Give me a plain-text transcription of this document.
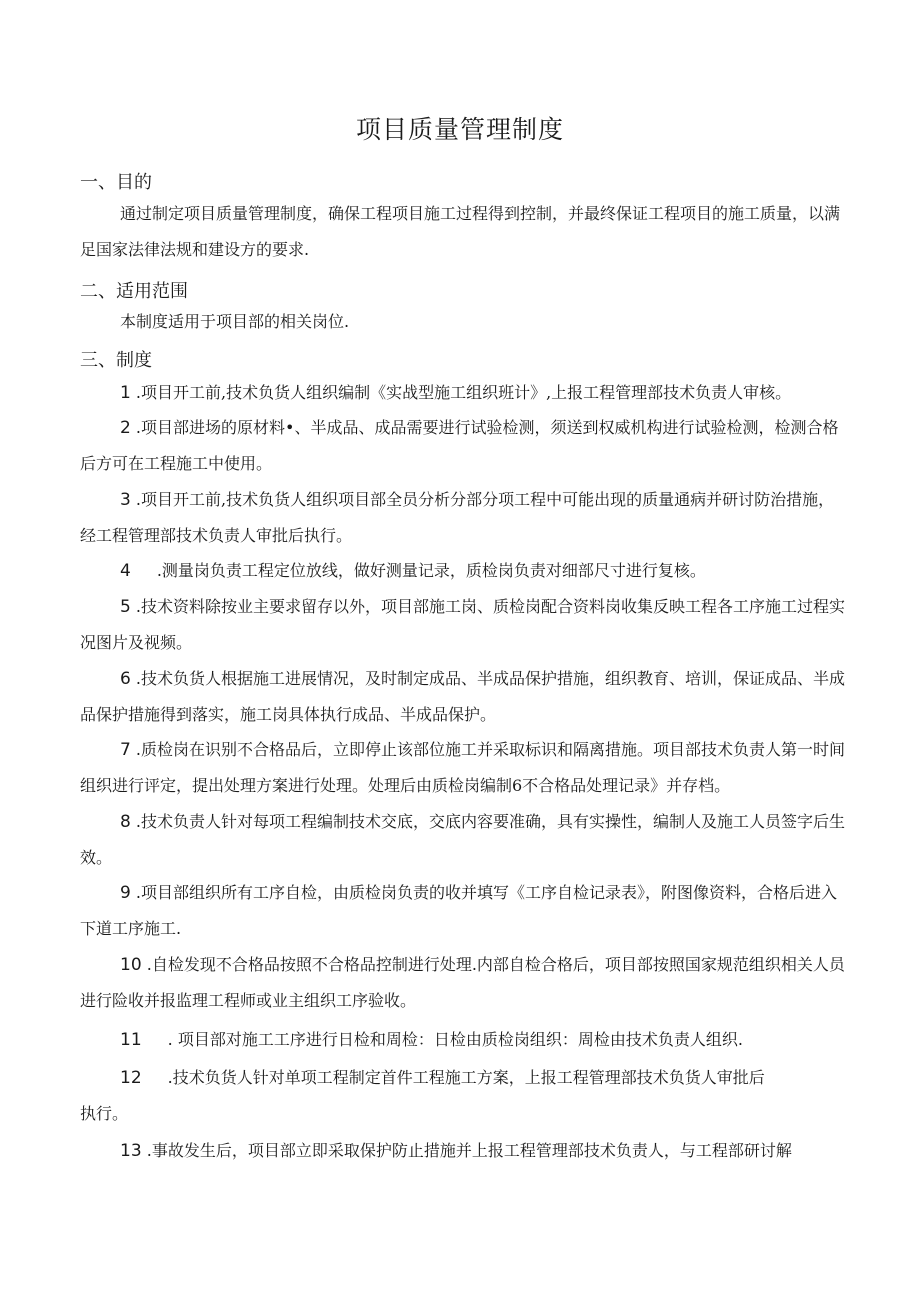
项目质量管理制度
一、目的
通过制定项目质量管理制度，确保工程项目施工过程得到控制，并最终保证工程项目的施工质量，以满足国家法律法规和建设方的要求.
二、适用范围
本制度适用于项目部的相关岗位.
三、制度
1 .项目开工前,技术负货人组织编制《实战型施工组织班计》,上报工程管理部技术负责人审核。
2 .项目部进场的原材料•、半成品、成品需要进行试验检测，须送到权威机构进行试验检测，检测合格后方可在工程施工中使用。
3 .项目开工前,技术负货人组织项目部全员分析分部分项工程中可能出现的质量通病并研讨防治措施，经工程管理部技术负责人审批后执行。
4 .测量岗负责工程定位放线，做好测量记录，质检岗负责对细部尺寸进行复核。
5 .技术资料除按业主要求留存以外，项目部施工岗、质检岗配合资料岗收集反映工程各工序施工过程实况图片及视频。
6 .技术负货人根据施工进展情况，及时制定成品、半成品保护措施，组织教育、培训，保证成品、半成品保护措施得到落实，施工岗具体执行成品、半成品保护。
7 .质检岗在识别不合格品后，立即停止该部位施工并采取标识和隔离措施。项目部技术负责人第一时间组织进行评定，提出处理方案进行处理。处理后由质检岗编制6不合格品处理记录》并存档。
8 .技术负责人针对每项工程编制技术交底，交底内容要准确，具有实操性，编制人及施工人员签字后生效。
9 .项目部组织所有工序自检，由质检岗负责的收并填写《工序自检记录表》，附图像资料，合格后进入下道工序施工.
10 .自检发现不合格品按照不合格品控制进行处理.内部自检合格后，项目部按照国家规范组织相关人员进行险收并报监理工程师或业主组织工序验收。
11 . 项目部对施工工序进行日检和周检：日检由质检岗组织：周检由技术负责人组织.
12 .技术负货人针对单项工程制定首件工程施工方案，上报工程管理部技术负货人审批后
执行。
13 .事故发生后，项目部立即采取保护防止措施并上报工程管理部技术负责人，与工程部研讨解
